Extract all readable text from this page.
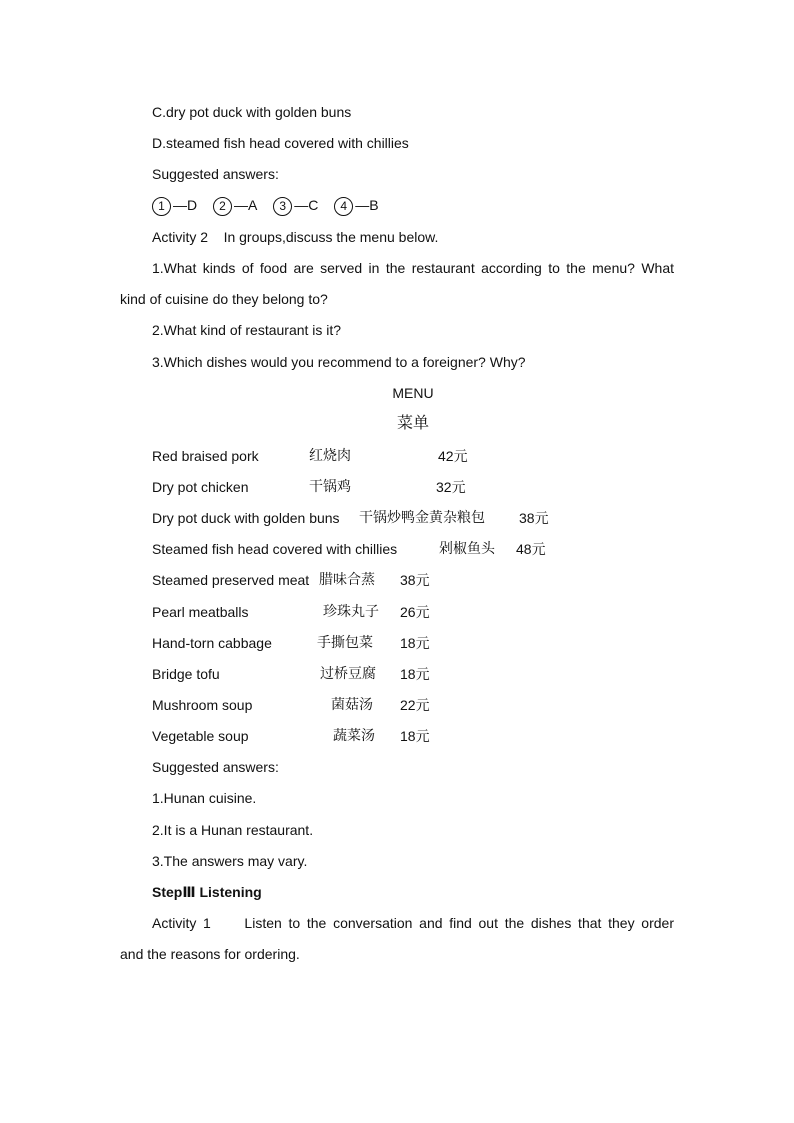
C.dry pot duck with golden buns
D.steamed fish head covered with chillies
Suggested answers:
1 —D 2 —A 3 —C 4 —B
Activity 2    In groups,discuss the menu below.
1.What kinds of food are served in the restaurant according to the menu? What
kind of cuisine do they belong to?
2.What kind of restaurant is it?
3.Which dishes would you recommend to a foreigner? Why?
MENU
菜单
Red braised pork	红烧肉	42元
Dry pot chicken	干锅鸡	32元
Dry pot duck with golden buns 干锅炒鸭金黄杂粮包 38元
Steamed fish head covered with chillies	剁椒鱼头 48元
Steamed preserved meat 腊味合蒸 38元
Pearl meatballs	珍珠丸子 26元
Hand-torn cabbage	手撕包菜 18元
Bridge tofu	过桥豆腐 18元
Mushroom soup	菌菇汤 22元
Vegetable soup	蔬菜汤 18元
Suggested answers:
1.Hunan cuisine.
2.It is a Hunan restaurant.
3.The answers may vary.
StepⅢ Listening
Activity 1     Listen to the conversation and find out the dishes that they order
and the reasons for ordering.
